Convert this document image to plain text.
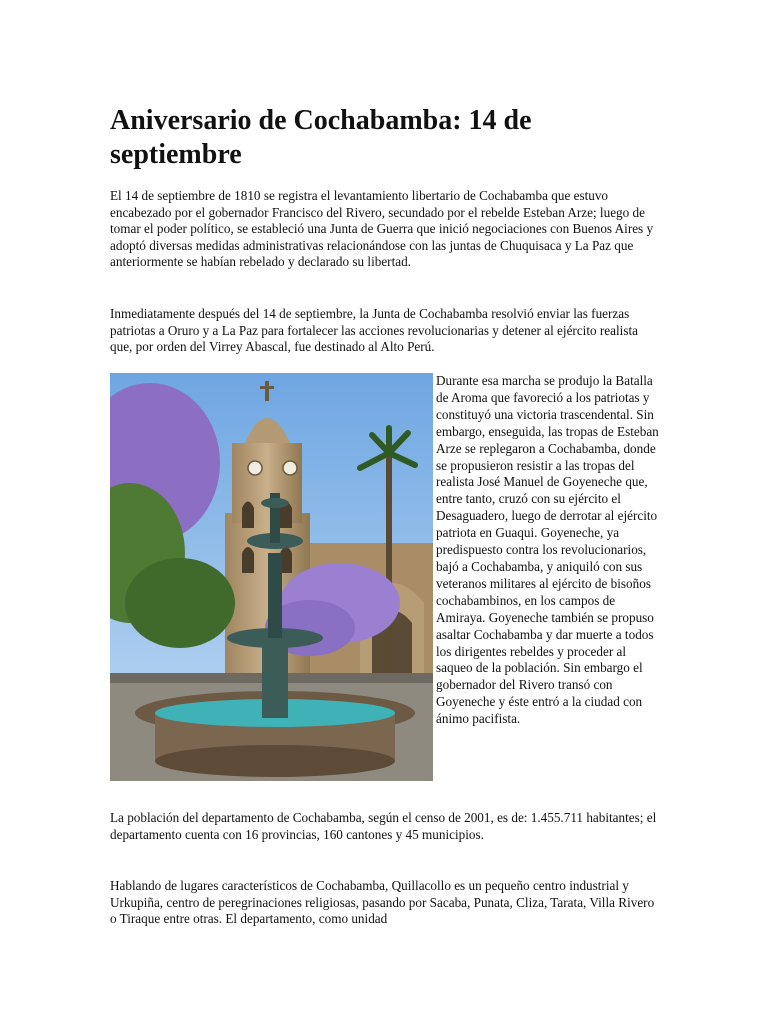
Aniversario de Cochabamba: 14 de septiembre

El 14 de septiembre de 1810 se registra el levantamiento libertario de Cochabamba que estuvo encabezado por el gobernador Francisco del Rivero, secundado por el rebelde Esteban Arze; luego de tomar el poder político, se estableció una Junta de Guerra que inició negociaciones con Buenos Aires y adoptó diversas medidas administrativas relacionándose con las juntas de Chuquisaca y La Paz que anteriormente se habían rebelado y declarado su libertad.

Inmediatamente después del 14 de septiembre, la Junta de Cochabamba resolvió enviar las fuerzas patriotas a Oruro y a La Paz para fortalecer las acciones revolucionarias y detener al ejército realista que, por orden del Virrey Abascal, fue destinado al Alto Perú.

Durante esa marcha se produjo la Batalla de Aroma que favoreció a los patriotas y constituyó una victoria trascendental. Sin embargo, enseguida, las tropas de Esteban Arze se replegaron a Cochabamba, donde se propusieron resistir a las tropas del realista José Manuel de Goyeneche que, entre tanto, cruzó con su ejército el Desaguadero, luego de derrotar al ejército patriota en Guaqui. Goyeneche, ya predispuesto contra los revolucionarios, bajó a Cochabamba, y aniquiló con sus veteranos militares al ejército de bisoños cochabambinos, en los campos de Amiraya. Goyeneche también se propuso asaltar Cochabamba y dar muerte a todos los dirigentes rebeldes y proceder al saqueo de la población. Sin embargo el gobernador del Rivero transó con Goyeneche y éste entró a la ciudad con ánimo pacifista.

La población del departamento de Cochabamba, según el censo de 2001, es de: 1.455.711 habitantes; el departamento cuenta con 16 provincias, 160 cantones y 45 municipios.

Hablando de lugares característicos de Cochabamba, Quillacollo es un pequeño centro industrial y Urkupiña, centro de peregrinaciones religiosas, pasando por Sacaba, Punata, Cliza, Tarata, Villa Rivero o Tiraque entre otras. El departamento, como unidad
